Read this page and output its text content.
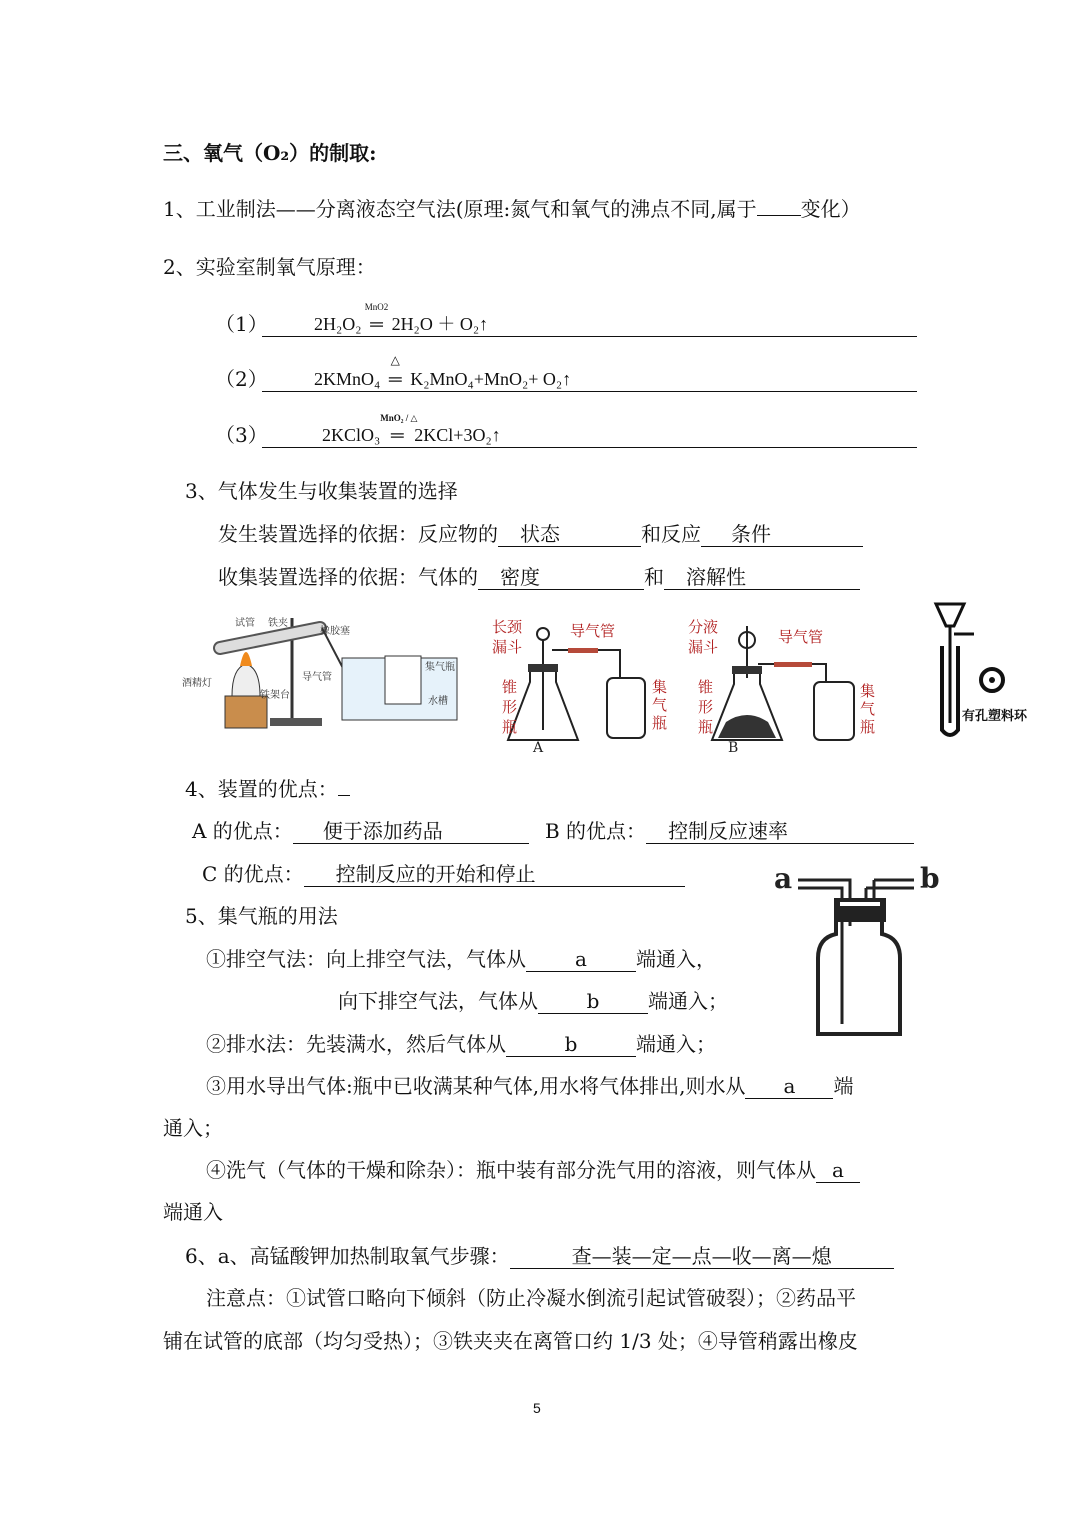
三、氧气（O₂）的制取:
1、工业制法——分离液态空气法(原理:氮气和氧气的沸点不同,属于 变化）
2、实验室制氧气原理：
（1）	2H₂O₂
MnO2
═ 2H₂O ＋ O₂↑
（2）	2KMnO₄
△
═ K₂MnO₄+MnO₂+ O₂↑
（3）	2KClO₃
MnO₂ / △
═ 2KCl+3O₂↑
3、气体发生与收集装置的选择
发生装置选择的依据：反应物的 状态	和反应 条件
收集装置选择的依据：气体的 密度	和 溶解性
试管 铁夹
橡胶塞
酒精灯
导气管
铁架台
集气瓶
水槽
长颈
漏斗
导气管
锥
形
瓶
集
气
瓶
A
分液
漏斗
导气管
锥
形
瓶
集
气
瓶
B
有孔塑料环
4、装置的优点：
A 的优点： 便于添加药品	B 的优点： 控制反应速率
C 的优点： 控制反应的开始和停止	a	b
5、集气瓶的用法
①排空气法：向上排空气法，气体从 a 端通入，
向下排空气法，气体从 b 端通入；
②排水法：先装满水，然后气体从	b	端通入；
③用水导出气体:瓶中已收满某种气体,用水将气体排出,则水从 a 端
通入；
④洗气（气体的干燥和除杂）：瓶中装有部分洗气用的溶液，则气体从 a
端通入
6、a、高锰酸钾加热制取氧气步骤：	查—装—定—点—收—离—熄
注意点：①试管口略向下倾斜（防止冷凝水倒流引起试管破裂）；②药品平
铺在试管的底部（均匀受热）；③铁夹夹在离管口约 1/3 处；④导管稍露出橡皮
5
